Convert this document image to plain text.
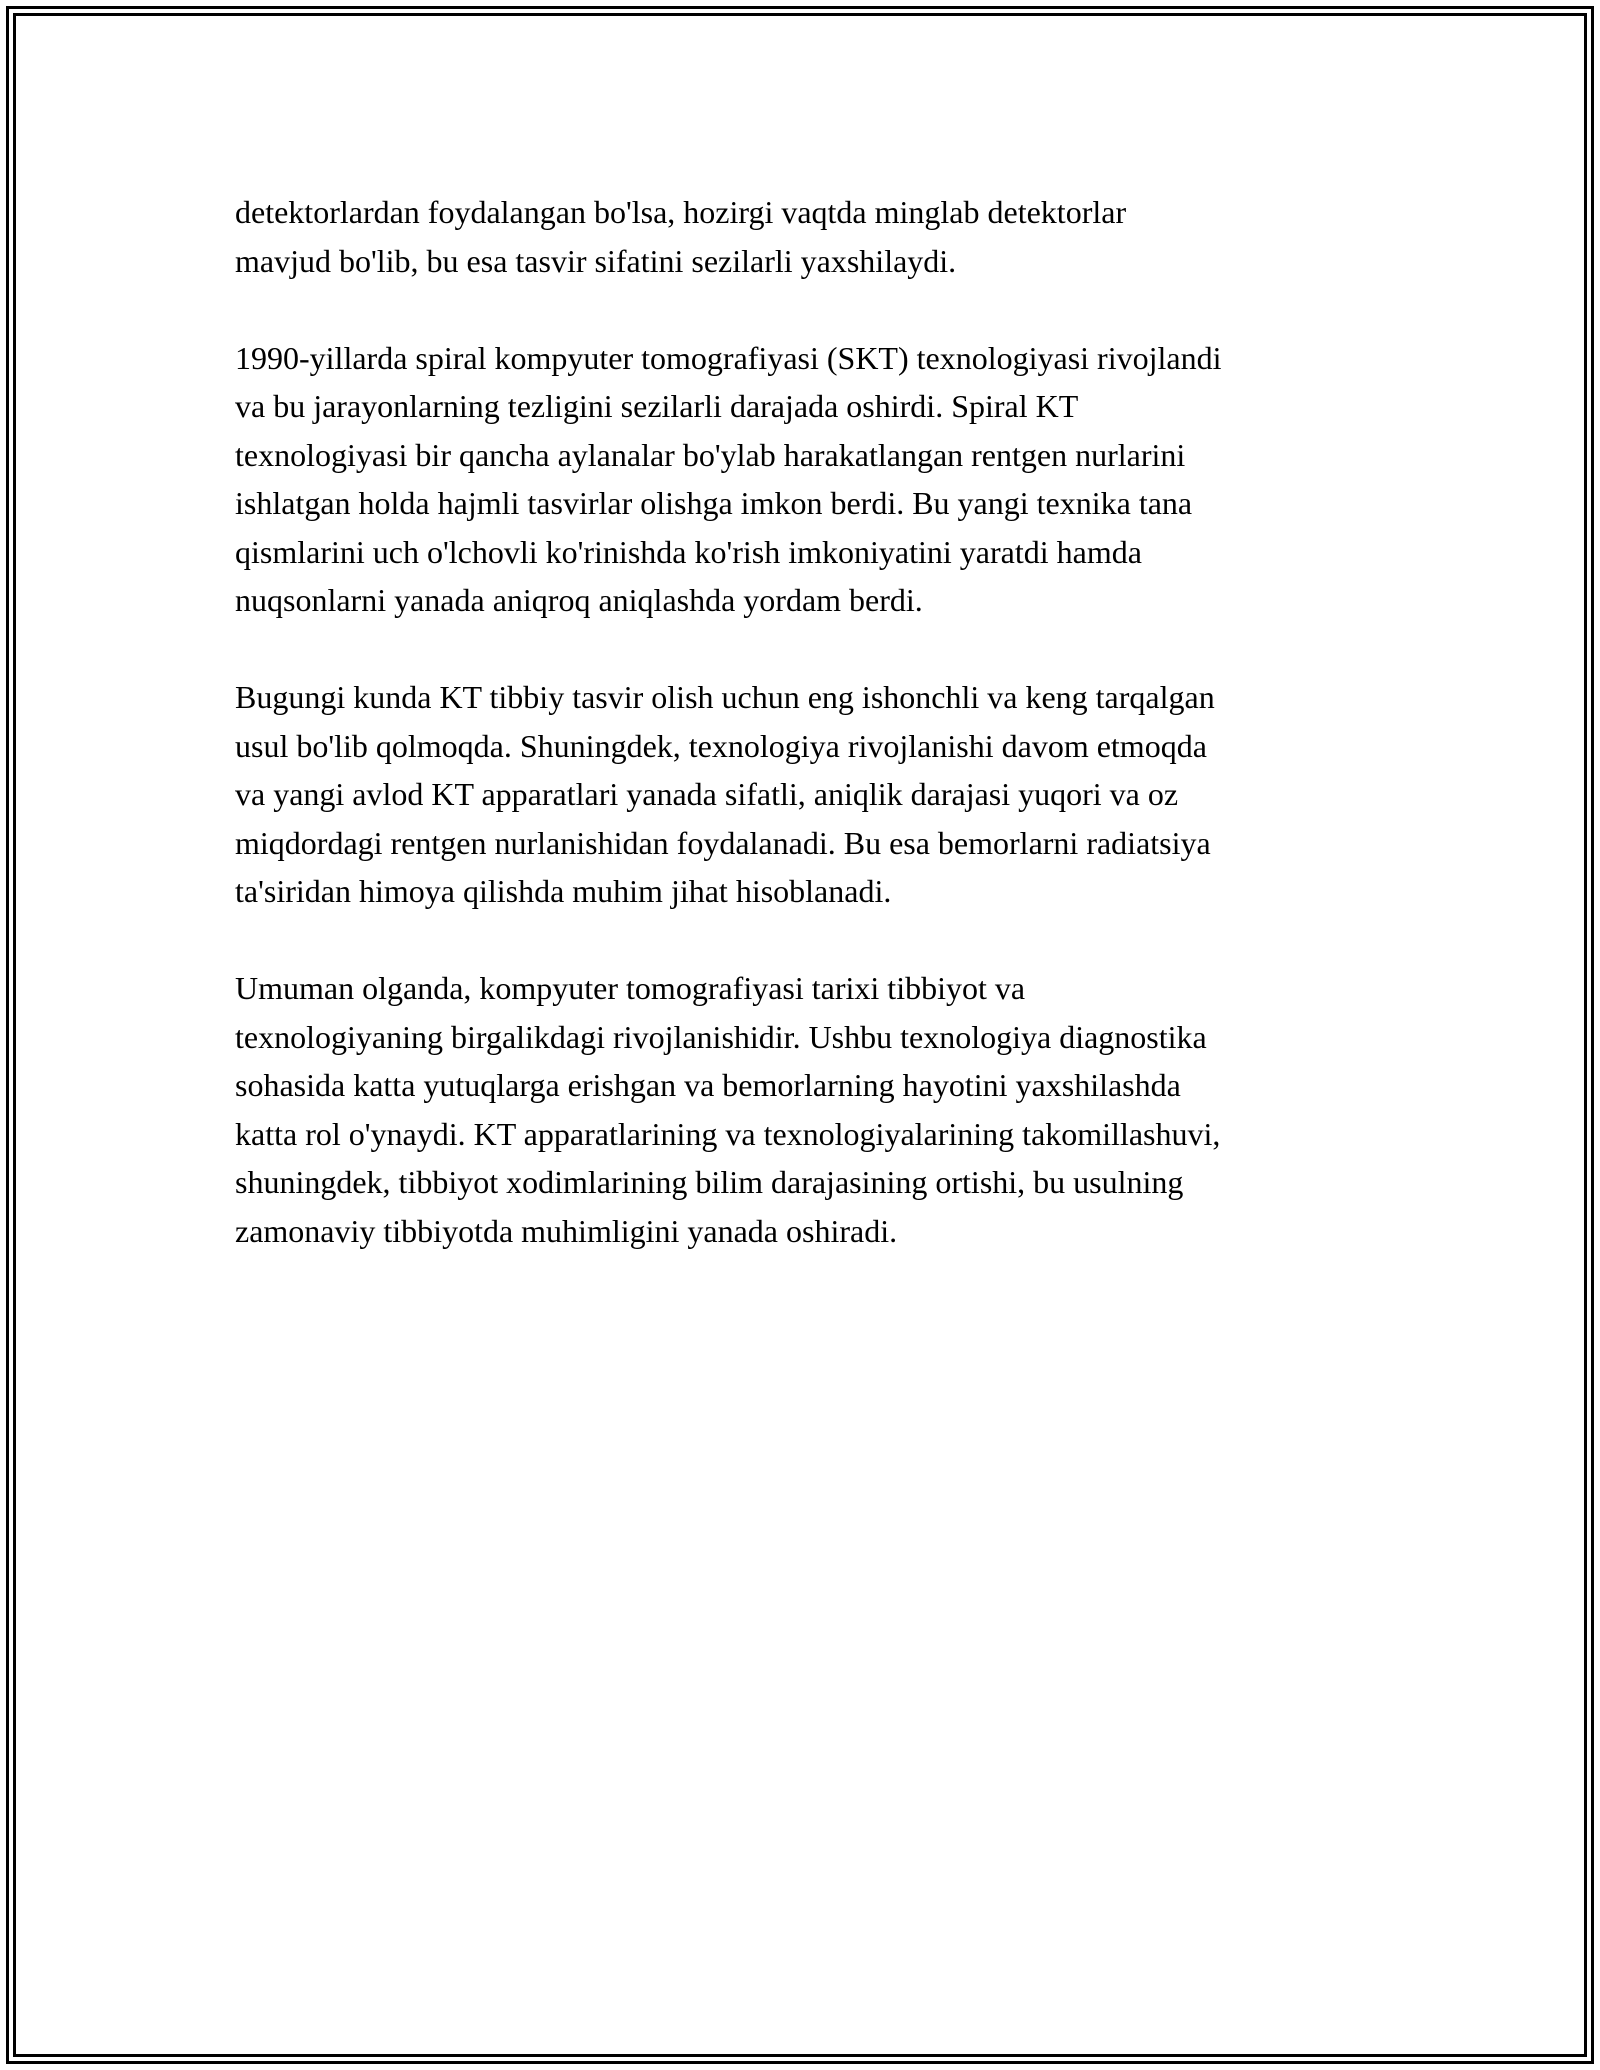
detektorlardan foydalangan bo'lsa, hozirgi vaqtda minglab detektorlar
mavjud bo'lib, bu esa tasvir sifatini sezilarli yaxshilaydi.

1990-yillarda spiral kompyuter tomografiyasi (SKT) texnologiyasi rivojlandi
va bu jarayonlarning tezligini sezilarli darajada oshirdi. Spiral KT
texnologiyasi bir qancha aylanalar bo'ylab harakatlangan rentgen nurlarini
ishlatgan holda hajmli tasvirlar olishga imkon berdi. Bu yangi texnika tana
qismlarini uch o'lchovli ko'rinishda ko'rish imkoniyatini yaratdi hamda
nuqsonlarni yanada aniqroq aniqlashda yordam berdi.

Bugungi kunda KT tibbiy tasvir olish uchun eng ishonchli va keng tarqalgan
usul bo'lib qolmoqda. Shuningdek, texnologiya rivojlanishi davom etmoqda
va yangi avlod KT apparatlari yanada sifatli, aniqlik darajasi yuqori va oz
miqdordagi rentgen nurlanishidan foydalanadi. Bu esa bemorlarni radiatsiya
ta'siridan himoya qilishda muhim jihat hisoblanadi.

Umuman olganda, kompyuter tomografiyasi tarixi tibbiyot va
texnologiyaning birgalikdagi rivojlanishidir. Ushbu texnologiya diagnostika
sohasida katta yutuqlarga erishgan va bemorlarning hayotini yaxshilashda
katta rol o'ynaydi. KT apparatlarining va texnologiyalarining takomillashuvi,
shuningdek, tibbiyot xodimlarining bilim darajasining ortishi, bu usulning
zamonaviy tibbiyotda muhimligini yanada oshiradi.
